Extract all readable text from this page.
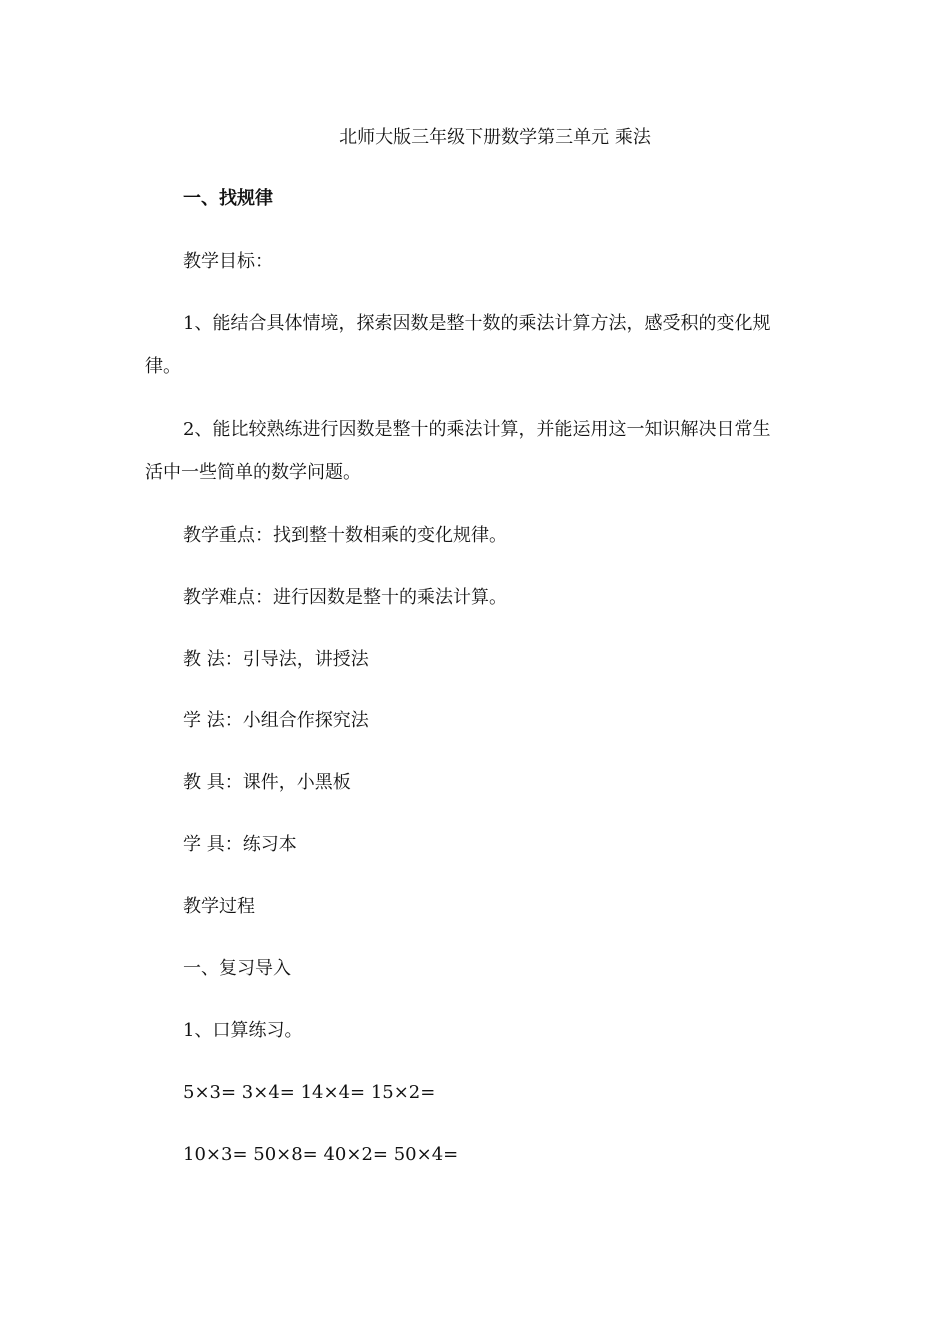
北师大版三年级下册数学第三单元 乘法
一、找规律
教学目标：
1、能结合具体情境，探索因数是整十数的乘法计算方法，感受积的变化规
律。
2、能比较熟练进行因数是整十的乘法计算，并能运用这一知识解决日常生
活中一些简单的数学问题。
教学重点：找到整十数相乘的变化规律。
教学难点：进行因数是整十的乘法计算。
教 法：引导法，讲授法
学 法：小组合作探究法
教 具：课件，小黑板
学 具：练习本
教学过程
一、复习导入
1、口算练习。
5×3= 3×4= 14×4= 15×2=
10×3= 50×8= 40×2= 50×4=
